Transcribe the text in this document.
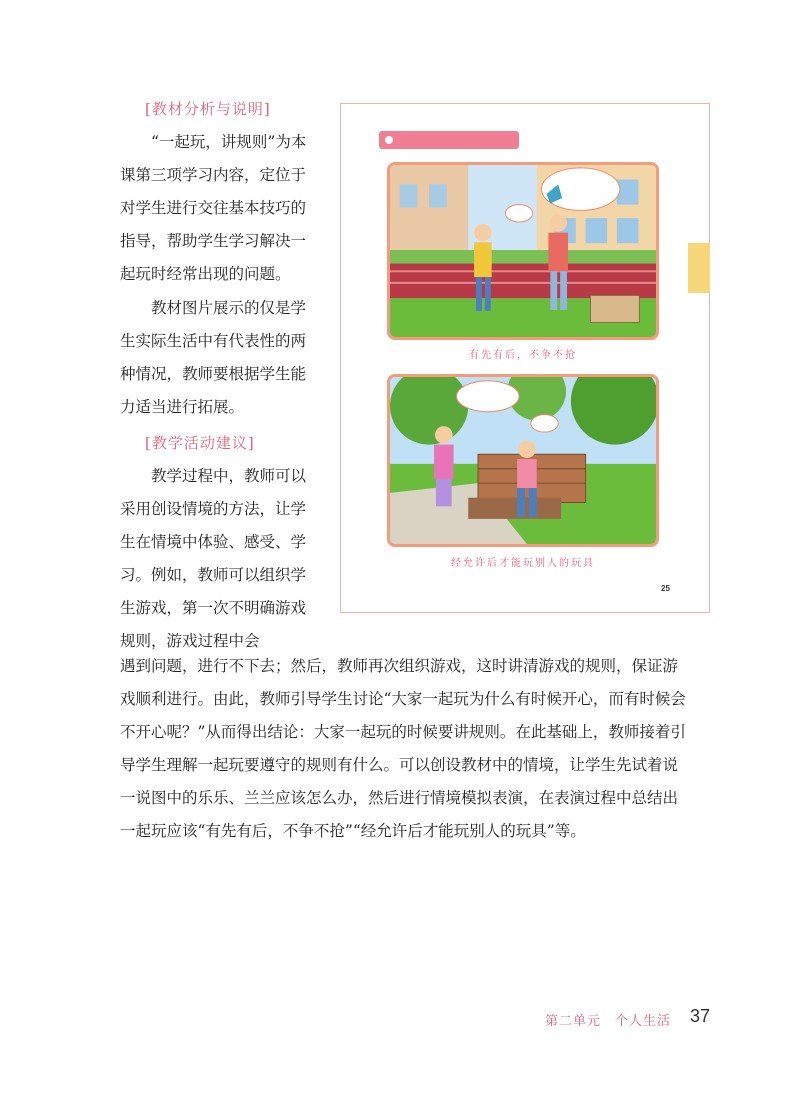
[教材分析与说明]

“一起玩，讲规则”为本课第三项学习内容，定位于对学生进行交往基本技巧的指导，帮助学生学习解决一起玩时经常出现的问题。

教材图片展示的仅是学生实际生活中有代表性的两种情况，教师要根据学生能力适当进行拓展。

[教学活动建议]

教学过程中，教师可以采用创设情境的方法，让学生在情境中体验、感受、学习。例如，教师可以组织学生游戏，第一次不明确游戏规则，游戏过程中会

遇到问题，进行不下去；然后，教师再次组织游戏，这时讲清游戏的规则，保证游戏顺利进行。由此，教师引导学生讨论“大家一起玩为什么有时候开心，而有时候会不开心呢？”从而得出结论：大家一起玩的时候要讲规则。在此基础上，教师接着引导学生理解一起玩要遵守的规则有什么。可以创设教材中的情境，让学生先试着说一说图中的乐乐、兰兰应该怎么办，然后进行情境模拟表演，在表演过程中总结出一起玩应该“有先有后，不争不抢”“经允许后才能玩别人的玩具”等。

有先有后，不争不抢
经允许后才能玩别人的玩具
25
第二单元　个人生活 37
